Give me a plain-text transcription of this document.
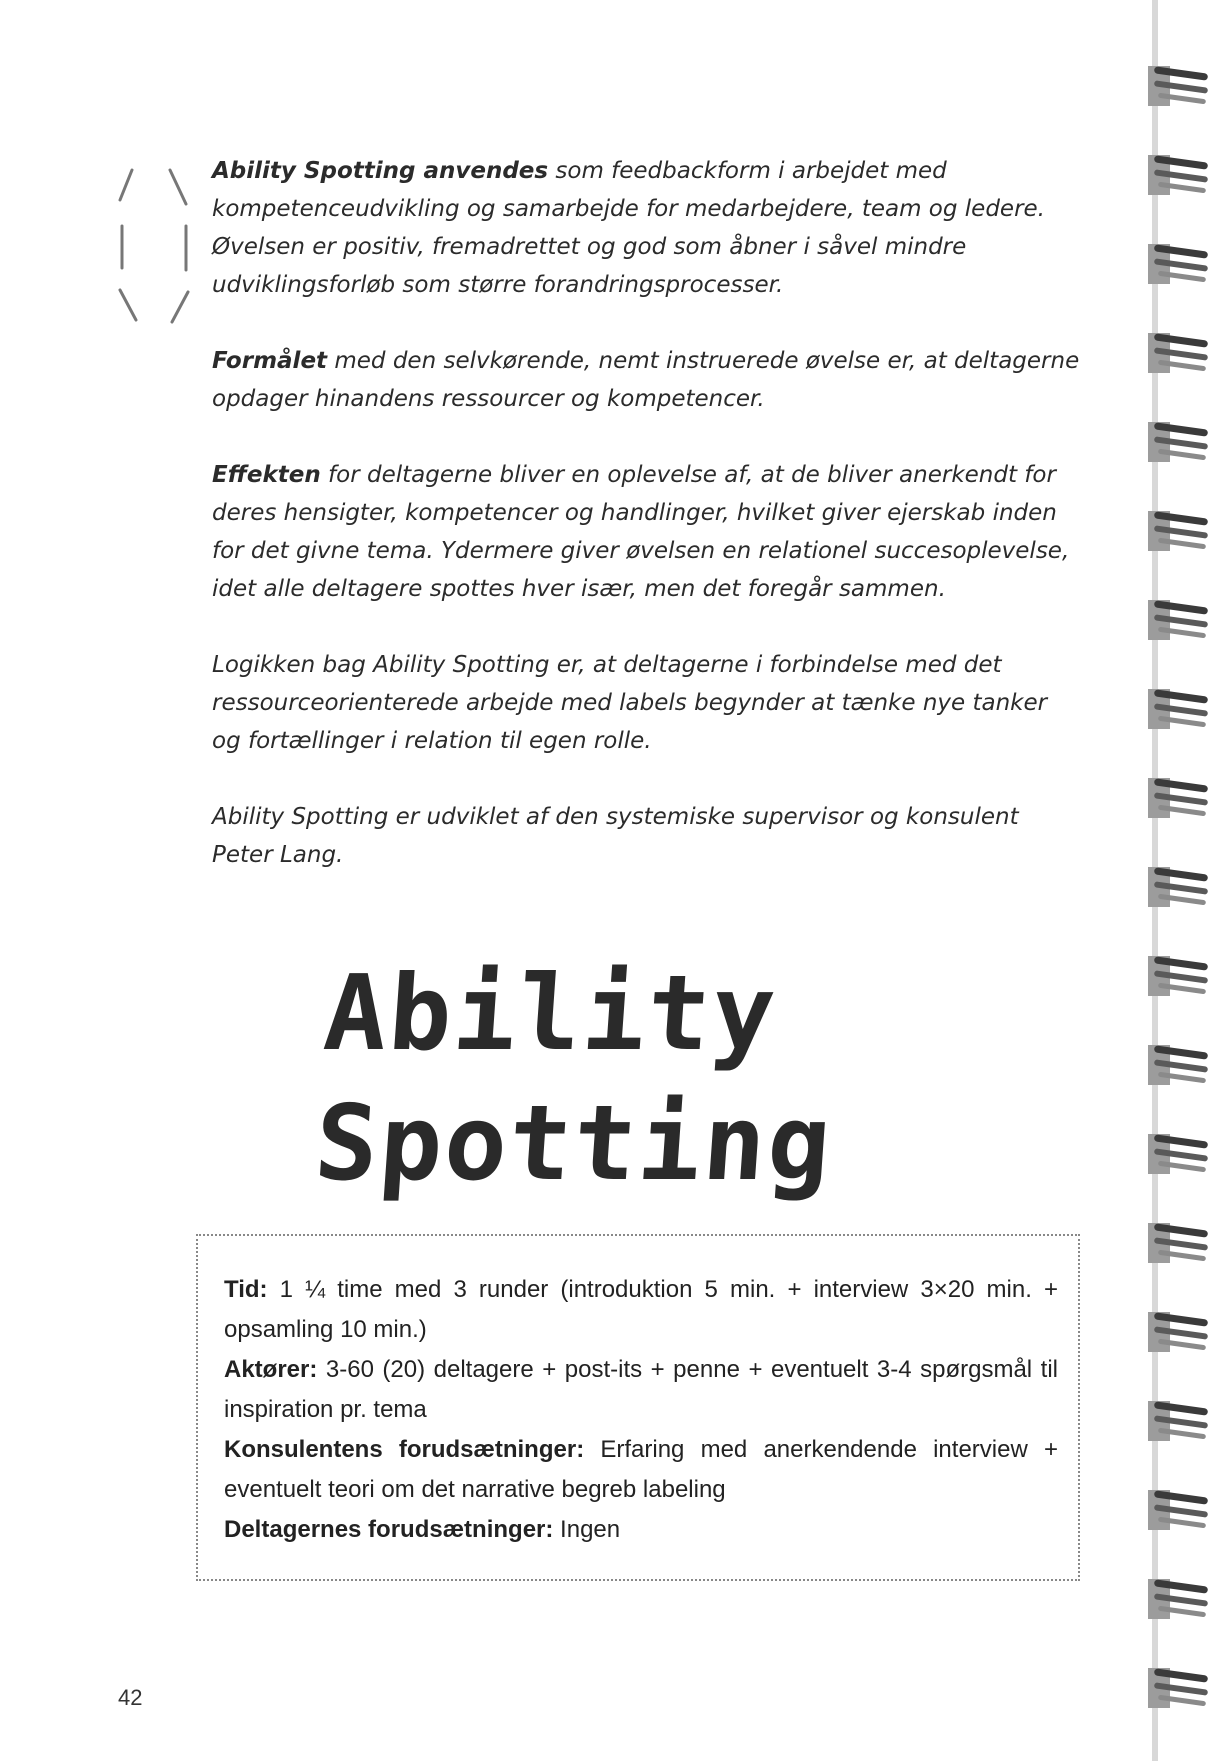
Ability Spotting anvendes som feedbackform i arbejdet med kompetenceudvikling og samarbejde for medarbejdere, team og ledere. Øvelsen er positiv, fremadrettet og god som åbner i såvel mindre udviklingsforløb som større forandringsprocesser.

Formålet med den selvkørende, nemt instruerede øvelse er, at deltagerne opdager hinandens ressourcer og kompetencer.

Effekten for deltagerne bliver en oplevelse af, at de bliver anerkendt for deres hensigter, kompetencer og handlinger, hvilket giver ejerskab inden for det givne tema. Ydermere giver øvelsen en relationel succesoplevelse, idet alle deltagere spottes hver især, men det foregår sammen.

Logikken bag Ability Spotting er, at deltagerne i forbindelse med det ressourceorienterede arbejde med labels begynder at tænke nye tanker og fortællinger i relation til egen rolle.

Ability Spotting er udviklet af den systemiske supervisor og konsulent Peter Lang.

Ability Spotting

Tid: 1 ¼ time med 3 runder (introduktion 5 min. + interview 3×20 min. + opsamling 10 min.)

Aktører: 3-60 (20) deltagere + post-its + penne + eventuelt 3-4 spørgsmål til inspiration pr. tema

Konsulentens forudsætninger: Erfaring med anerkendende interview + eventuelt teori om det narrative begreb labeling

Deltagernes forudsætninger: Ingen

42
